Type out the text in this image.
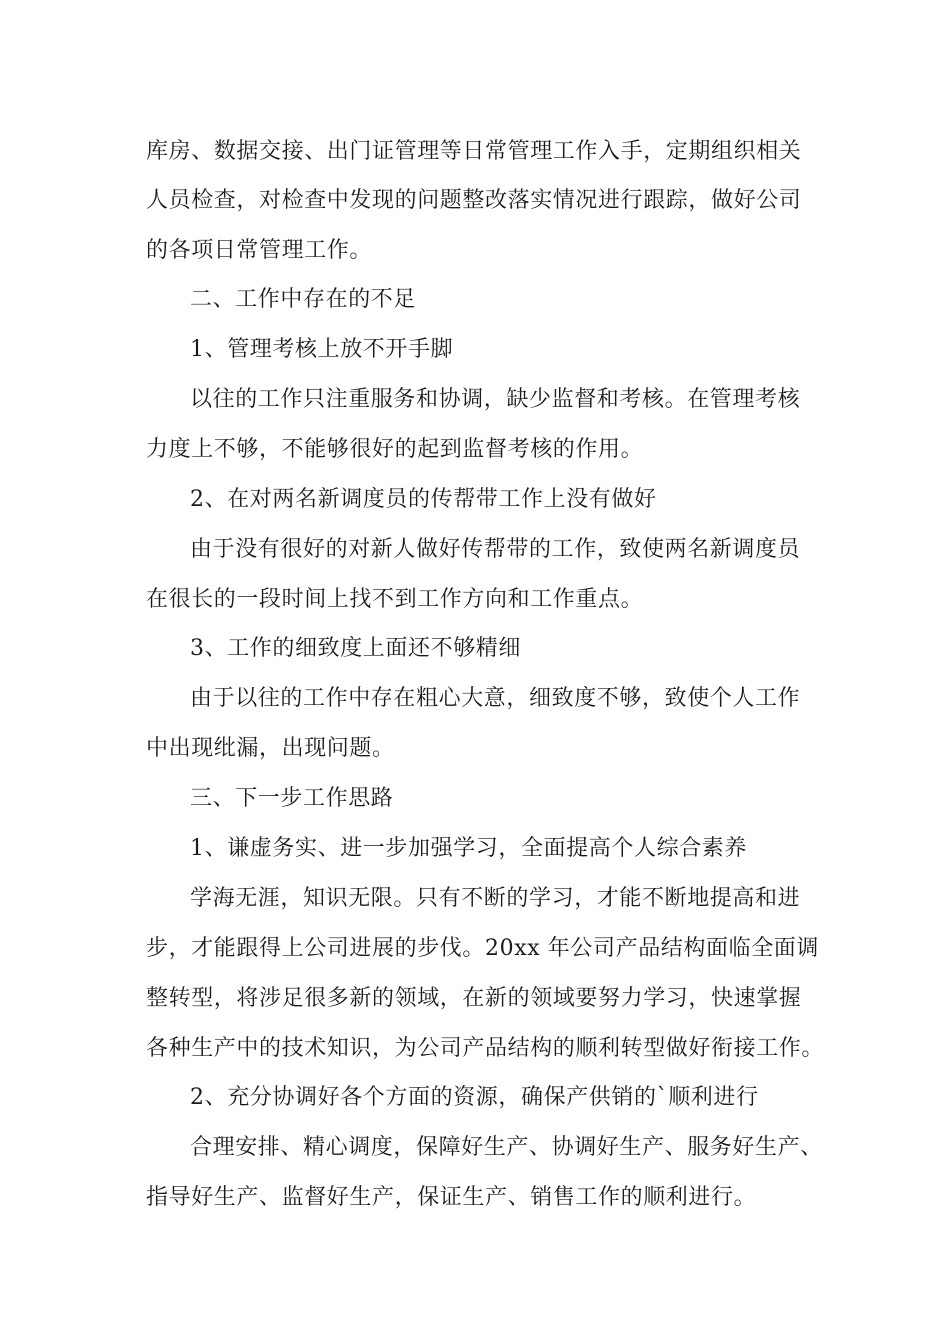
库房、数据交接、出门证管理等日常管理工作入手，定期组织相关
人员检查，对检查中发现的问题整改落实情况进行跟踪，做好公司
的各项日常管理工作。
二、工作中存在的不足
1、管理考核上放不开手脚
以往的工作只注重服务和协调，缺少监督和考核。在管理考核
力度上不够，不能够很好的起到监督考核的作用。
2、在对两名新调度员的传帮带工作上没有做好
由于没有很好的对新人做好传帮带的工作，致使两名新调度员
在很长的一段时间上找不到工作方向和工作重点。
3、工作的细致度上面还不够精细
由于以往的工作中存在粗心大意，细致度不够，致使个人工作
中出现纰漏，出现问题。
三、下一步工作思路
1、谦虚务实、进一步加强学习，全面提高个人综合素养
学海无涯，知识无限。只有不断的学习，才能不断地提高和进
步，才能跟得上公司进展的步伐。20xx 年公司产品结构面临全面调
整转型，将涉足很多新的领域，在新的领域要努力学习，快速掌握
各种生产中的技术知识，为公司产品结构的顺利转型做好衔接工作。
2、充分协调好各个方面的资源，确保产供销的`顺利进行
合理安排、精心调度，保障好生产、协调好生产、服务好生产、
指导好生产、监督好生产，保证生产、销售工作的顺利进行。
